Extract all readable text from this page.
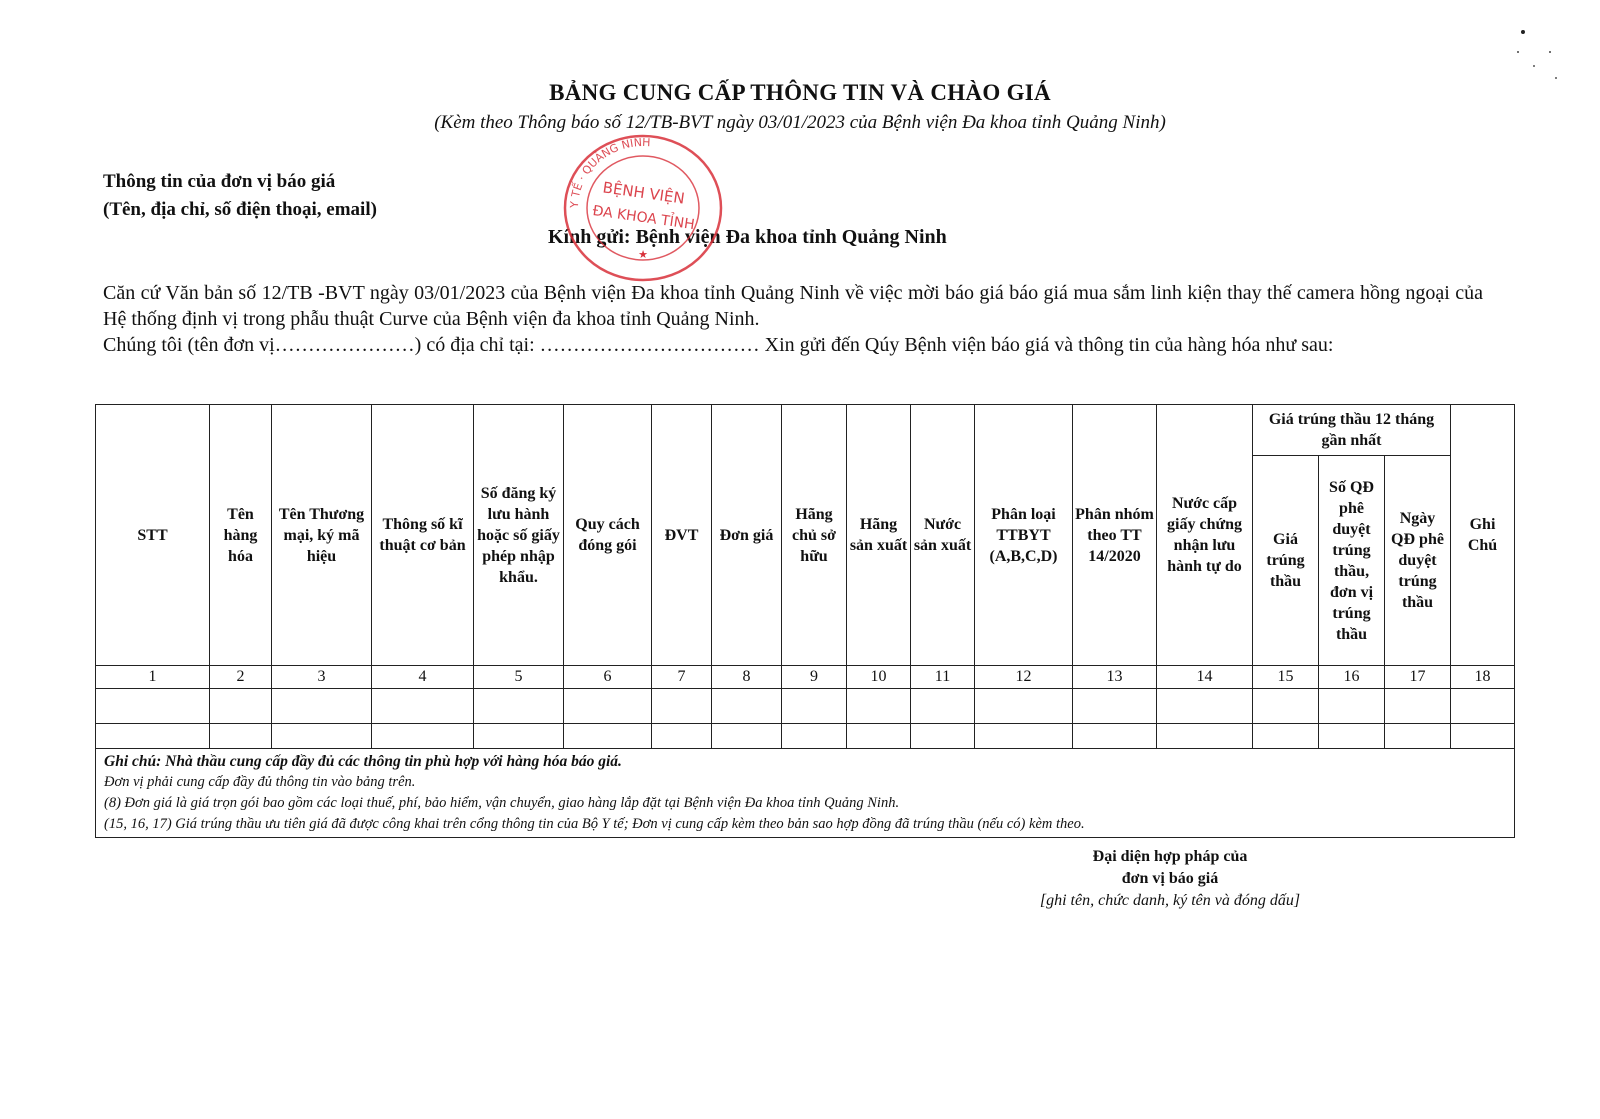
BẢNG CUNG CẤP THÔNG TIN VÀ CHÀO GIÁ
(Kèm theo Thông báo số 12/TB-BVT ngày 03/01/2023 của Bệnh viện Đa khoa tỉnh Quảng Ninh)
Thông tin của đơn vị báo giá
(Tên, địa chỉ, số điện thoại, email)
Kính gửi: Bệnh viện Đa khoa tỉnh Quảng Ninh
Y TẾ · QUẢNG NINH
BỆNH VIỆN
ĐA KHOA TỈNH
★

Căn cứ Văn bản số 12/TB -BVT ngày 03/01/2023 của Bệnh viện Đa khoa tỉnh Quảng Ninh về việc mời báo giá báo giá mua sắm linh kiện thay thế camera hồng ngoại của Hệ thống định vị trong phẫu thuật Curve của Bệnh viện đa khoa tỉnh Quảng Ninh.

Chúng tôi (tên đơn vị…………………) có địa chỉ tại: …………………………… Xin gửi đến Qúy Bệnh viện báo giá và thông tin của hàng hóa như sau:

STT	Tên hàng hóa	Tên Thương mại, ký mã hiệu	Thông số kĩ thuật cơ bản	Số đăng ký lưu hành hoặc số giấy phép nhập khẩu.	Quy cách đóng gói	ĐVT	Đơn giá	Hãng chủ sở hữu	Hãng sản xuất	Nước sản xuất	Phân loại TTBYT (A,B,C,D)	Phân nhóm theo TT 14/2020	Nước cấp giấy chứng nhận lưu hành tự do	Giá trúng thầu 12 tháng gần nhất			Ghi Chú
														Giá trúng thầu	Số QĐ phê duyệt trúng thầu, đơn vị trúng thầu	Ngày QĐ phê duyệt trúng thầu	
1	2	3	4	5	6	7	8	9	10	11	12	13	14	15	16	17	18

Ghi chú: Nhà thầu cung cấp đầy đủ các thông tin phù hợp với hàng hóa báo giá.
Đơn vị phải cung cấp đầy đủ thông tin vào bảng trên.
(8) Đơn giá là giá trọn gói bao gồm các loại thuế, phí, bảo hiểm, vận chuyển, giao hàng lắp đặt tại Bệnh viện Đa khoa tỉnh Quảng Ninh.
(15, 16, 17) Giá trúng thầu ưu tiên giá đã được công khai trên cổng thông tin của Bộ Y tế; Đơn vị cung cấp kèm theo bản sao hợp đồng đã trúng thầu (nếu có) kèm theo.																	
Đại diện hợp pháp của
đơn vị báo giá
[ghi tên, chức danh, ký tên và đóng dấu]
